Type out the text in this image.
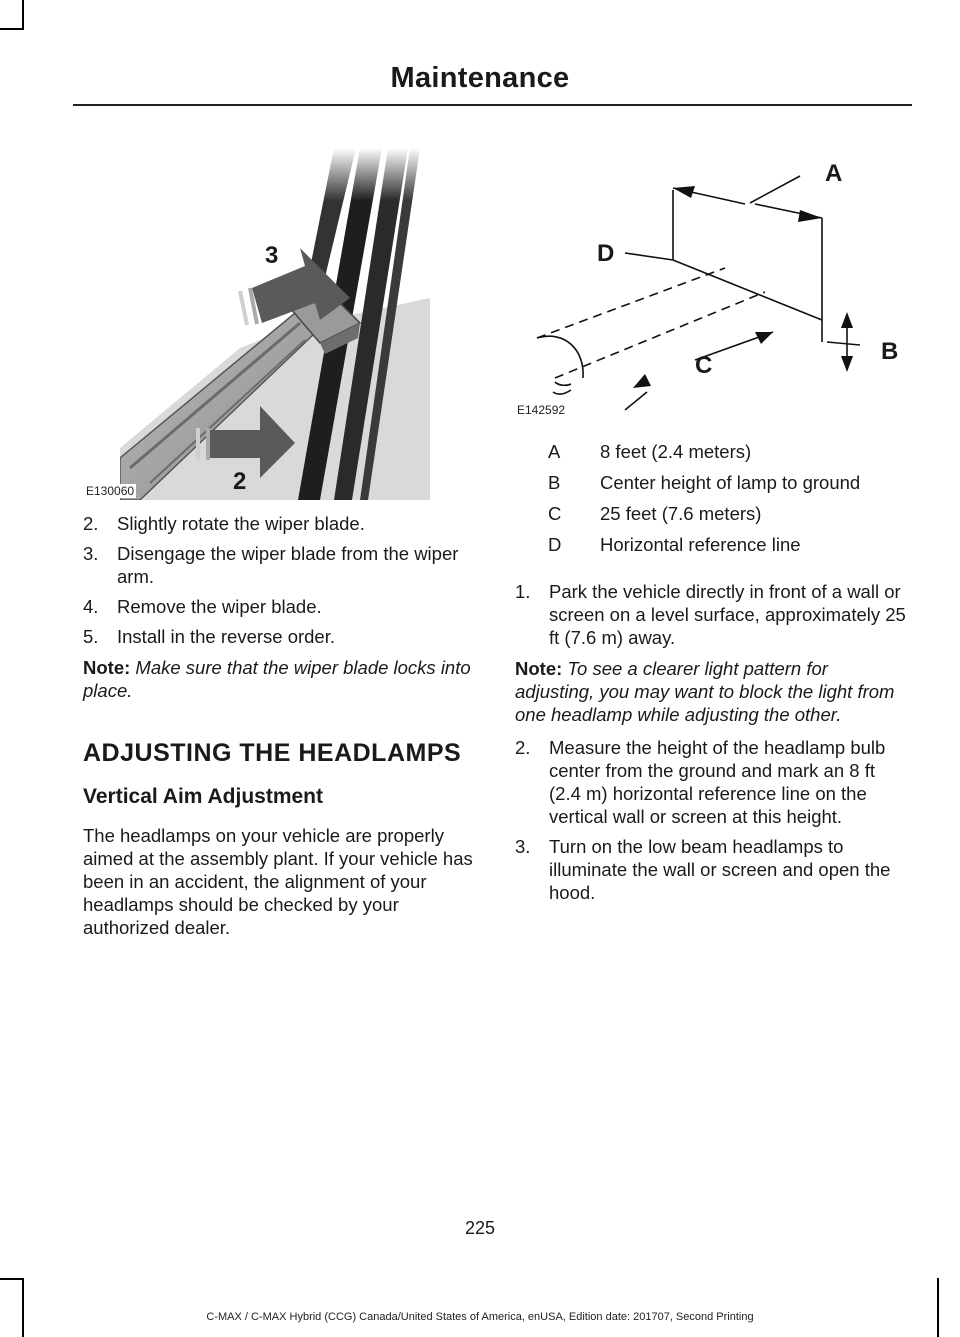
Maintenance
3
2
E130060
A
B
C
D
E142592
2. Slightly rotate the wiper blade.
3. Disengage the wiper blade from the wiper arm.
4. Remove the wiper blade.
5. Install in the reverse order.
Note: Make sure that the wiper blade locks into place.
ADJUSTING THE HEADLAMPS
Vertical Aim Adjustment

The headlamps on your vehicle are properly aimed at the assembly plant. If your vehicle has been in an accident, the alignment of your headlamps should be checked by your authorized dealer.

A	8 feet (2.4 meters)
B	Center height of lamp to ground
C	25 feet (7.6 meters)
D	Horizontal reference line
1. Park the vehicle directly in front of a wall or screen on a level surface, approximately 25 ft (7.6 m) away.
Note: To see a clearer light pattern for adjusting, you may want to block the light from one headlamp while adjusting the other.
2. Measure the height of the headlamp bulb center from the ground and mark an 8 ft (2.4 m) horizontal reference line on the vertical wall or screen at this height.
3. Turn on the low beam headlamps to illuminate the wall or screen and open the hood.
225
C-MAX / C-MAX Hybrid (CCG) Canada/United States of America, enUSA, Edition date: 201707, Second Printing
